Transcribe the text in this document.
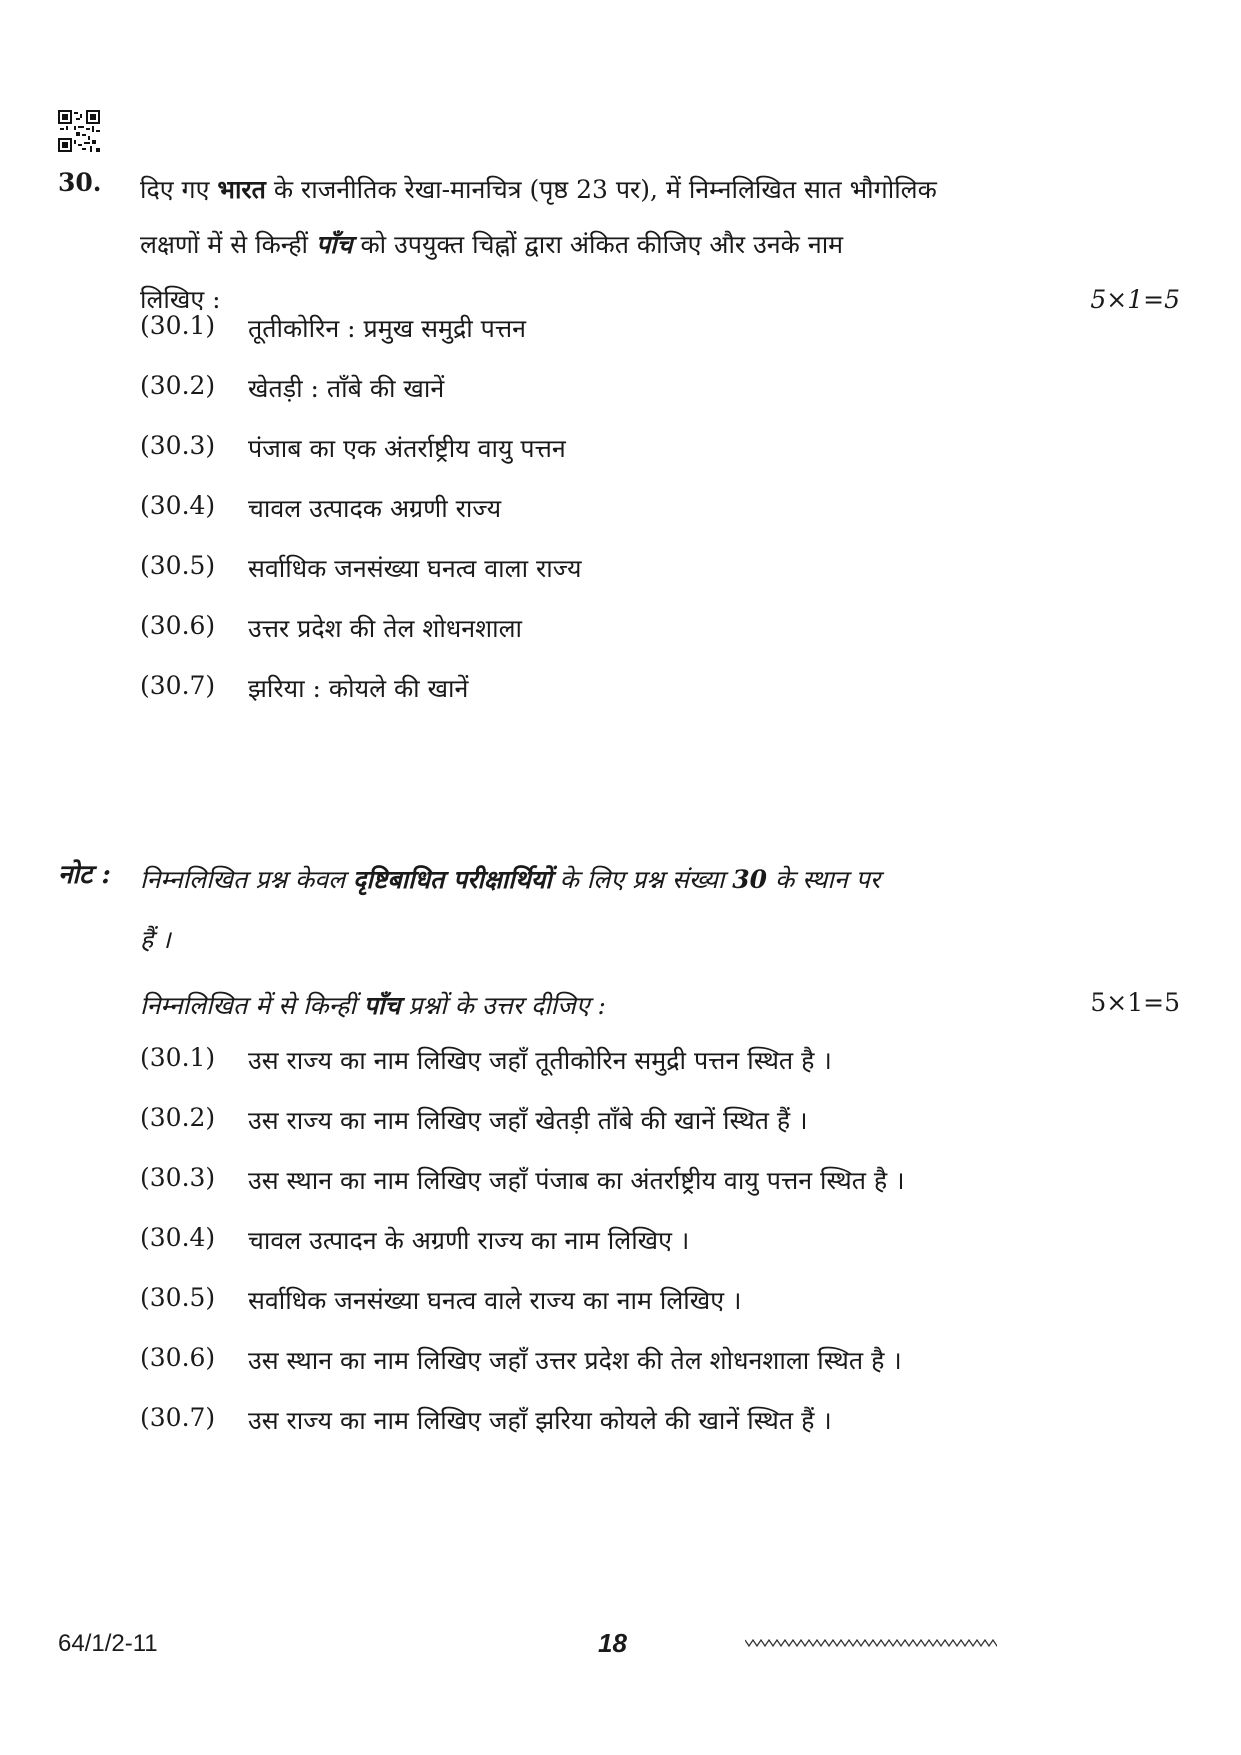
30. दिए गए भारत के राजनीतिक रेखा-मानचित्र (पृष्ठ 23 पर), में निम्नलिखित सात भौगोलिक
लक्षणों में से किन्हीं पाँच को उपयुक्त चिह्नों द्वारा अंकित कीजिए और उनके नाम
लिखिए :	5×1=5
(30.1)	तूतीकोरिन : प्रमुख समुद्री पत्तन
(30.2)	खेतड़ी : ताँबे की खानें
(30.3)	पंजाब का एक अंतर्राष्ट्रीय वायु पत्तन
(30.4)	चावल उत्पादक अग्रणी राज्य
(30.5)	सर्वाधिक जनसंख्या घनत्व वाला राज्य
(30.6)	उत्तर प्रदेश की तेल शोधनशाला
(30.7)	झरिया : कोयले की खानें
नोट : निम्नलिखित प्रश्न केवल दृष्टिबाधित परीक्षार्थियों के लिए प्रश्न संख्या 30 के स्थान पर
हैं ।
निम्नलिखित में से किन्हीं पाँच प्रश्नों के उत्तर दीजिए :	5×1=5
(30.1)	उस राज्य का नाम लिखिए जहाँ तूतीकोरिन समुद्री पत्तन स्थित है ।
(30.2)	उस राज्य का नाम लिखिए जहाँ खेतड़ी ताँबे की खानें स्थित हैं ।
(30.3)	उस स्थान का नाम लिखिए जहाँ पंजाब का अंतर्राष्ट्रीय वायु पत्तन स्थित है ।
(30.4)	चावल उत्पादन के अग्रणी राज्य का नाम लिखिए ।
(30.5)	सर्वाधिक जनसंख्या घनत्व वाले राज्य का नाम लिखिए ।
(30.6)	उस स्थान का नाम लिखिए जहाँ उत्तर प्रदेश की तेल शोधनशाला स्थित है ।
(30.7)	उस राज्य का नाम लिखिए जहाँ झरिया कोयले की खानें स्थित हैं ।
64/1/2-11	18
